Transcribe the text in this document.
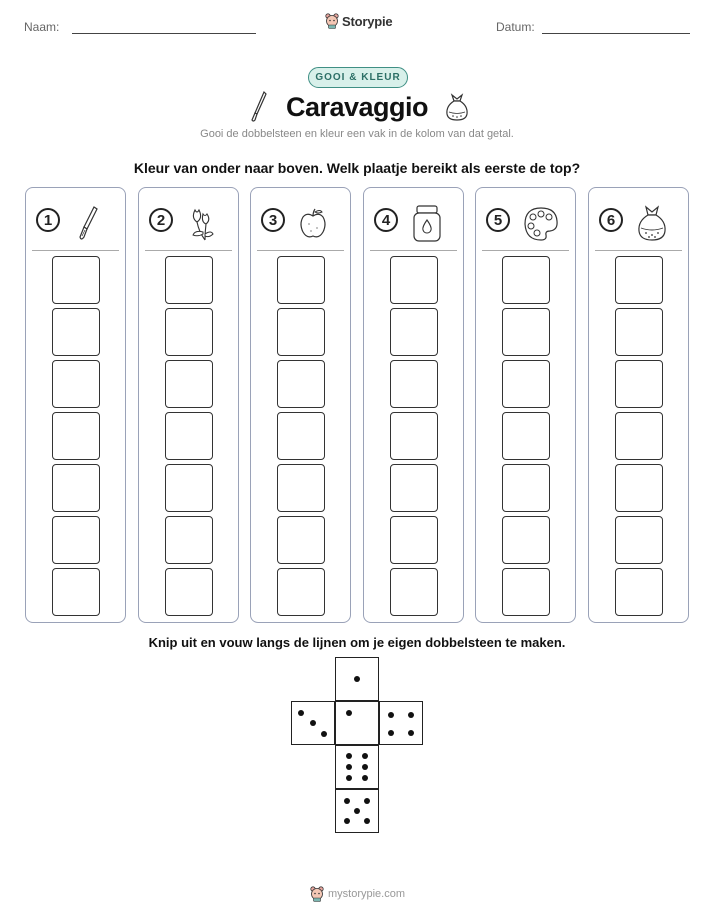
Naam:	Datum:
Storypie
GOOI & KLEUR
Caravaggio
Gooi de dobbelsteen en kleur een vak in de kolom van dat getal.
Kleur van onder naar boven. Welk plaatje bereikt als eerste de top?
1	2	3	4	5	6
Knip uit en vouw langs de lijnen om je eigen dobbelsteen te maken.
mystorypie.com
